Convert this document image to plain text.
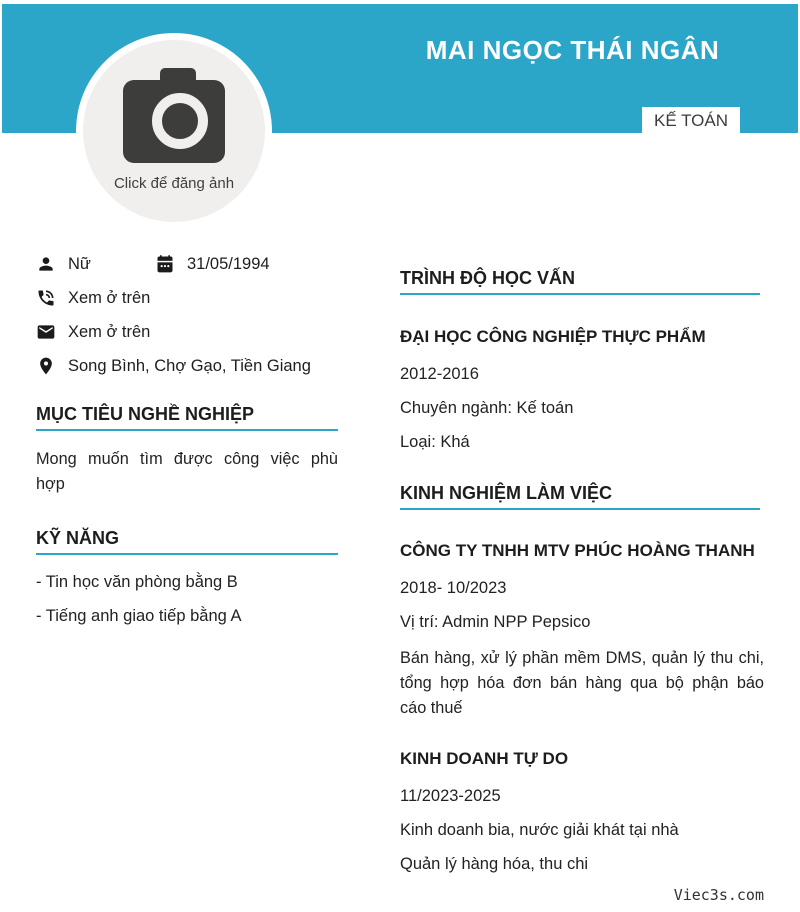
MAI NGỌC THÁI NGÂN
KẾ TOÁN
Click để đăng ảnh
Nữ	31/05/1994
Xem ở trên
Xem ở trên
Song Bình, Chợ Gạo, Tiền Giang
MỤC TIÊU NGHỀ NGHIỆP
Mong muốn tìm được công việc phù
hợp
KỸ NĂNG
- Tin học văn phòng bằng B
- Tiếng anh giao tiếp bằng A
TRÌNH ĐỘ HỌC VẤN
ĐẠI HỌC CÔNG NGHIỆP THỰC PHẨM
2012-2016
Chuyên ngành: Kế toán
Loại: Khá
KINH NGHIỆM LÀM VIỆC
CÔNG TY TNHH MTV PHÚC HOÀNG THANH
2018- 10/2023
Vị trí: Admin NPP Pepsico
Bán hàng, xử lý phần mềm DMS, quản lý thu chi,
tổng hợp hóa đơn bán hàng qua bộ phận báo
cáo thuế
KINH DOANH TỰ DO
11/2023-2025
Kinh doanh bia, nước giải khát tại nhà
Quản lý hàng hóa, thu chi
Viec3s.com
